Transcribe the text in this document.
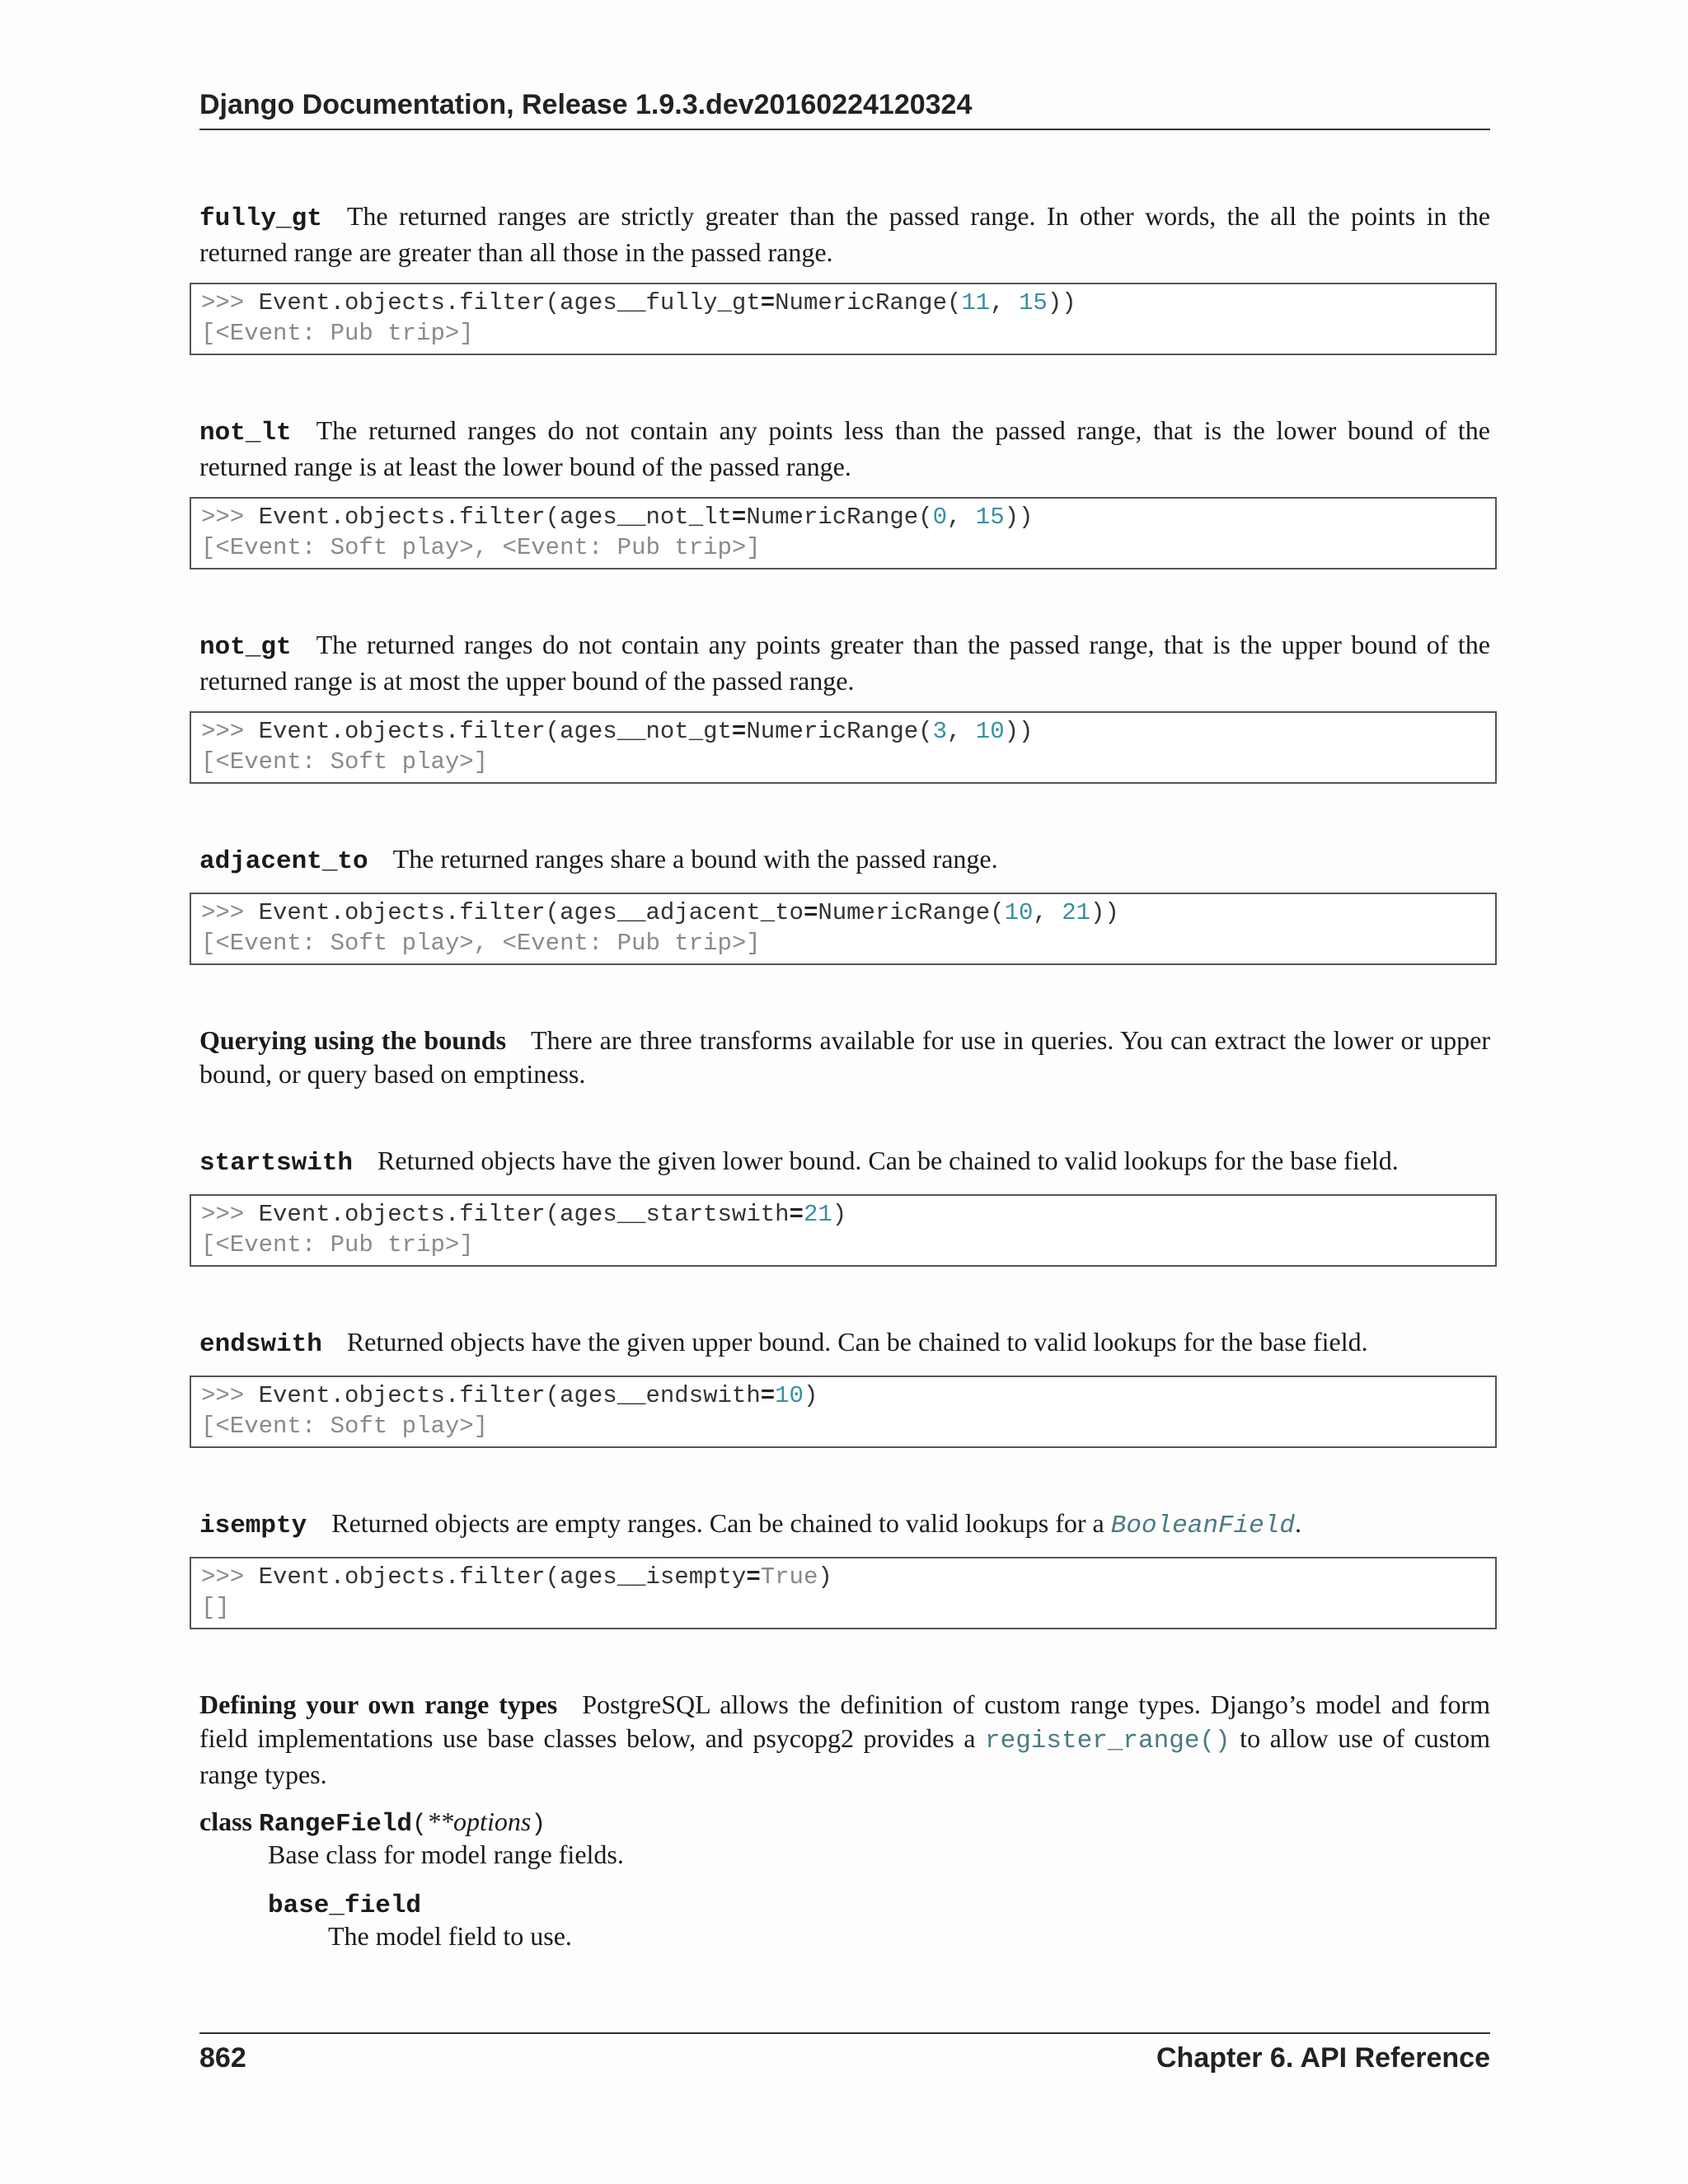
Django Documentation, Release 1.9.3.dev20160224120324
fully_gt The returned ranges are strictly greater than the passed range. In other words, the all the points in the returned range are greater than all those in the passed range.
>>> Event.objects.filter(ages__fully_gt=NumericRange(11, 15))
[<Event: Pub trip>]
not_lt The returned ranges do not contain any points less than the passed range, that is the lower bound of the returned range is at least the lower bound of the passed range.
>>> Event.objects.filter(ages__not_lt=NumericRange(0, 15))
[<Event: Soft play>, <Event: Pub trip>]
not_gt The returned ranges do not contain any points greater than the passed range, that is the upper bound of the returned range is at most the upper bound of the passed range.
>>> Event.objects.filter(ages__not_gt=NumericRange(3, 10))
[<Event: Soft play>]
adjacent_to The returned ranges share a bound with the passed range.
>>> Event.objects.filter(ages__adjacent_to=NumericRange(10, 21))
[<Event: Soft play>, <Event: Pub trip>]
Querying using the bounds There are three transforms available for use in queries. You can extract the lower or upper bound, or query based on emptiness.
startswith Returned objects have the given lower bound. Can be chained to valid lookups for the base field.
>>> Event.objects.filter(ages__startswith=21)
[<Event: Pub trip>]
endswith Returned objects have the given upper bound. Can be chained to valid lookups for the base field.
>>> Event.objects.filter(ages__endswith=10)
[<Event: Soft play>]
isempty Returned objects are empty ranges. Can be chained to valid lookups for a BooleanField.
>>> Event.objects.filter(ages__isempty=True)
[]
Defining your own range types PostgreSQL allows the definition of custom range types. Django’s model and form field implementations use base classes below, and psycopg2 provides a register_range() to allow use of custom range types.
class RangeField(**options)
Base class for model range fields.
base_field
The model field to use.
862	Chapter 6. API Reference
